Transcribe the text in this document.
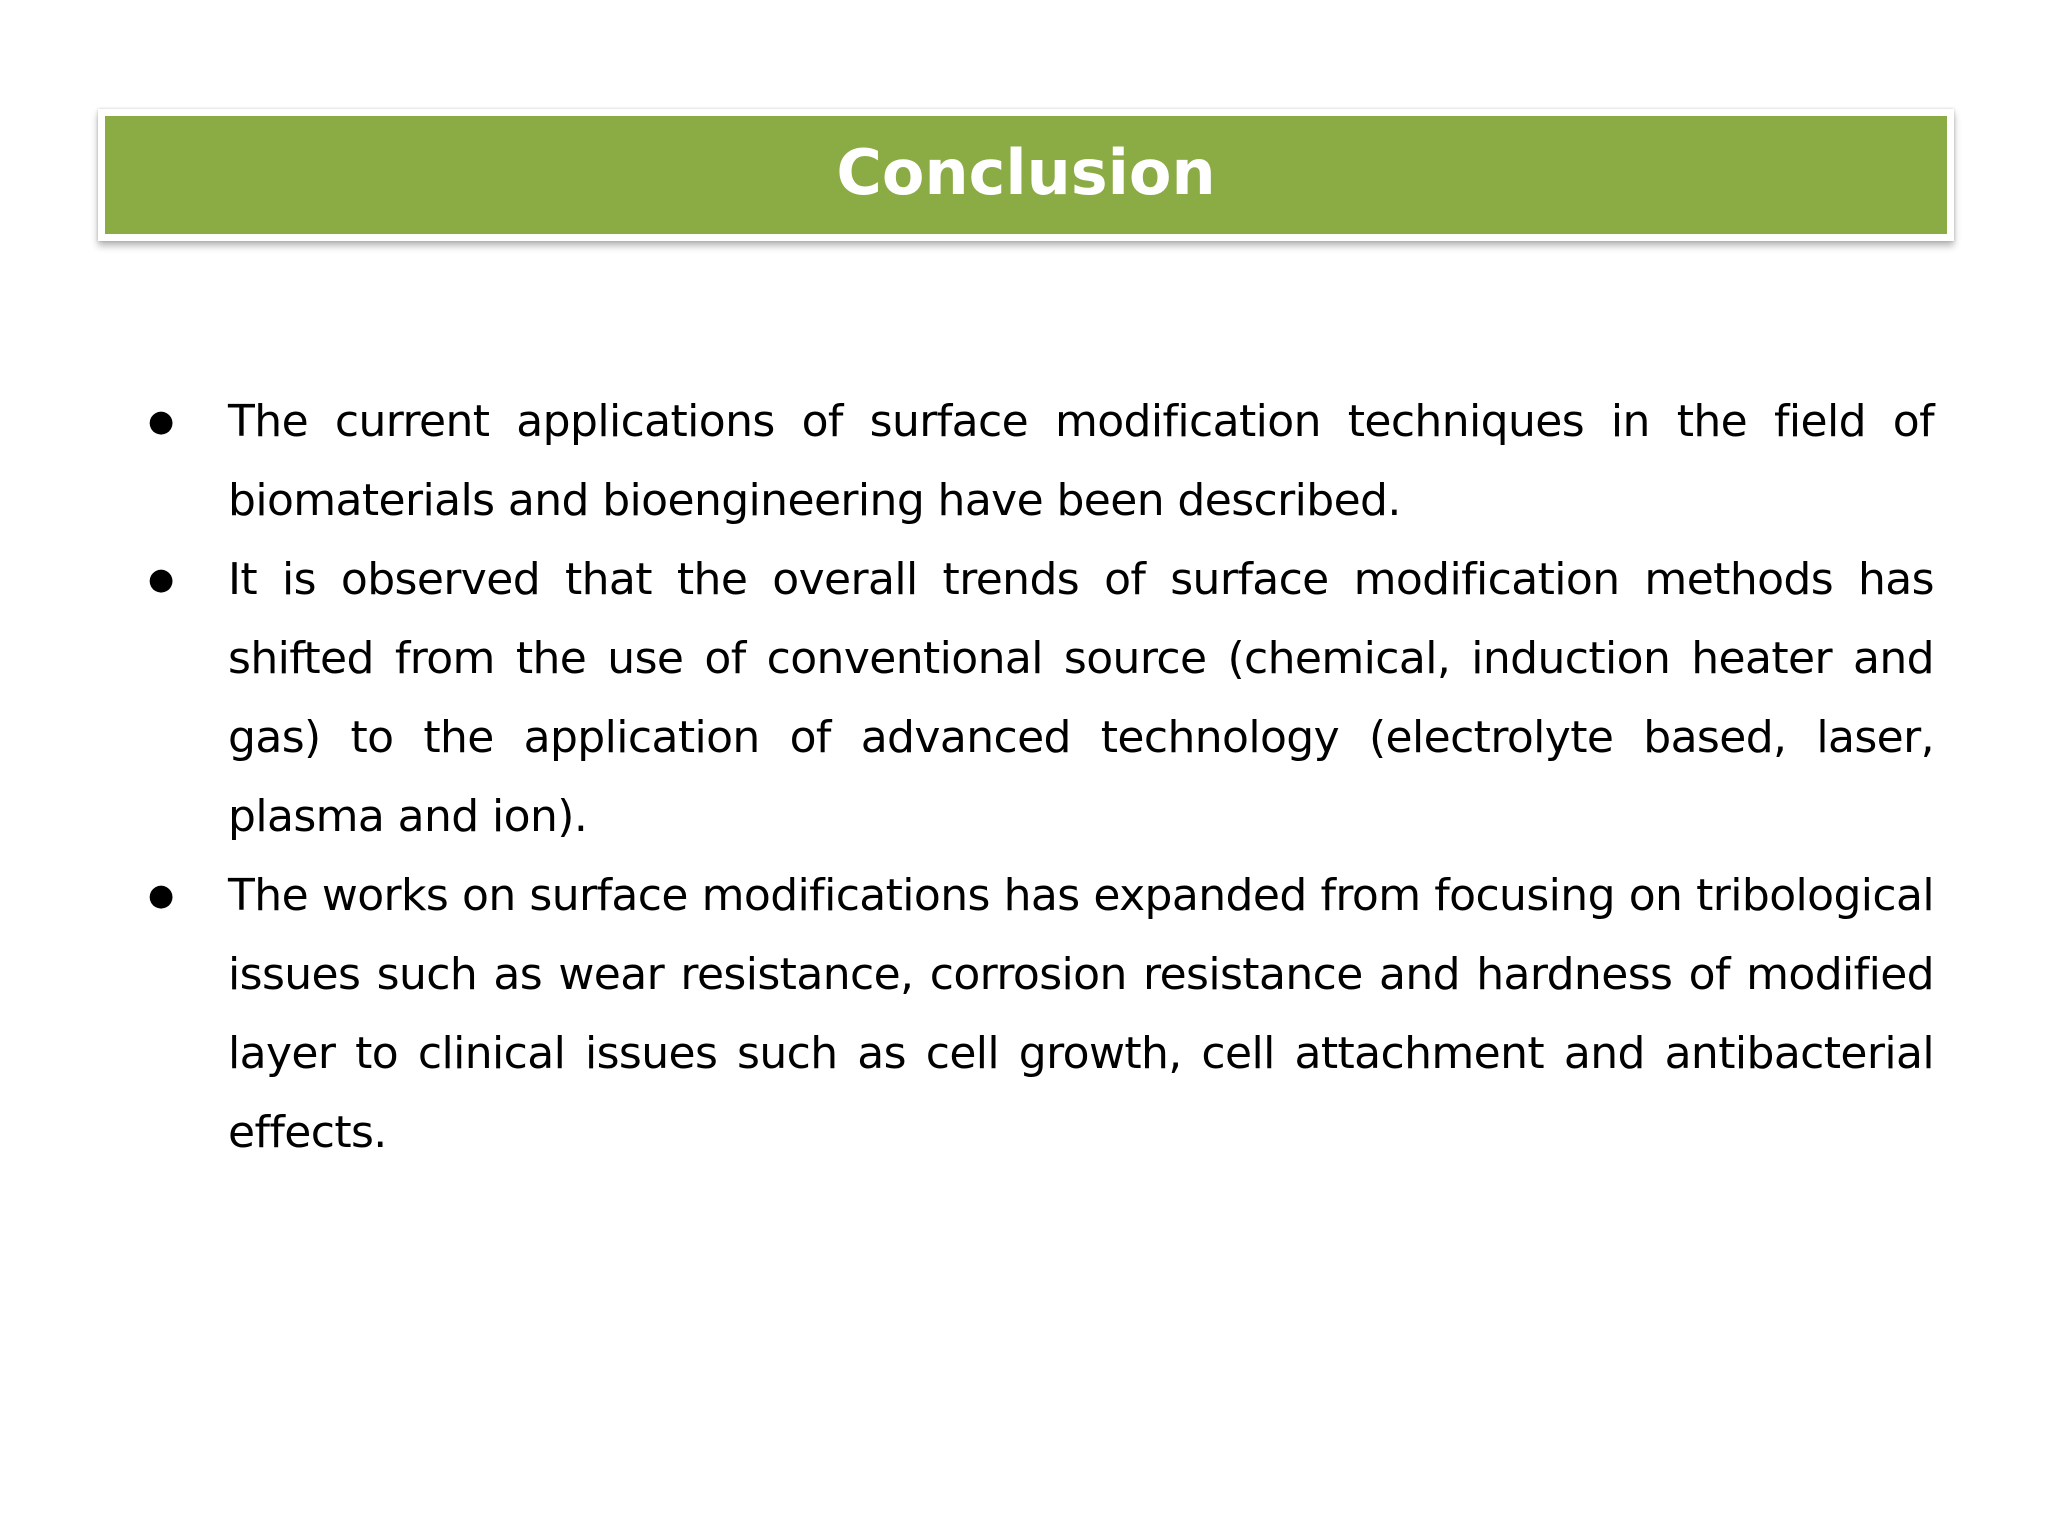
Conclusion
●	The current applications of surface modification techniques in the field of biomaterials and bioengineering have been described.
●	It is observed that the overall trends of surface modification methods has shifted from the use of conventional source (chemical, induction heater and gas) to the application of advanced technology (electrolyte based, laser, plasma and ion).
●	The works on surface modifications has expanded from focusing on tribological issues such as wear resistance, corrosion resistance and hardness of modified layer to clinical issues such as cell growth, cell attachment and antibacterial effects.
